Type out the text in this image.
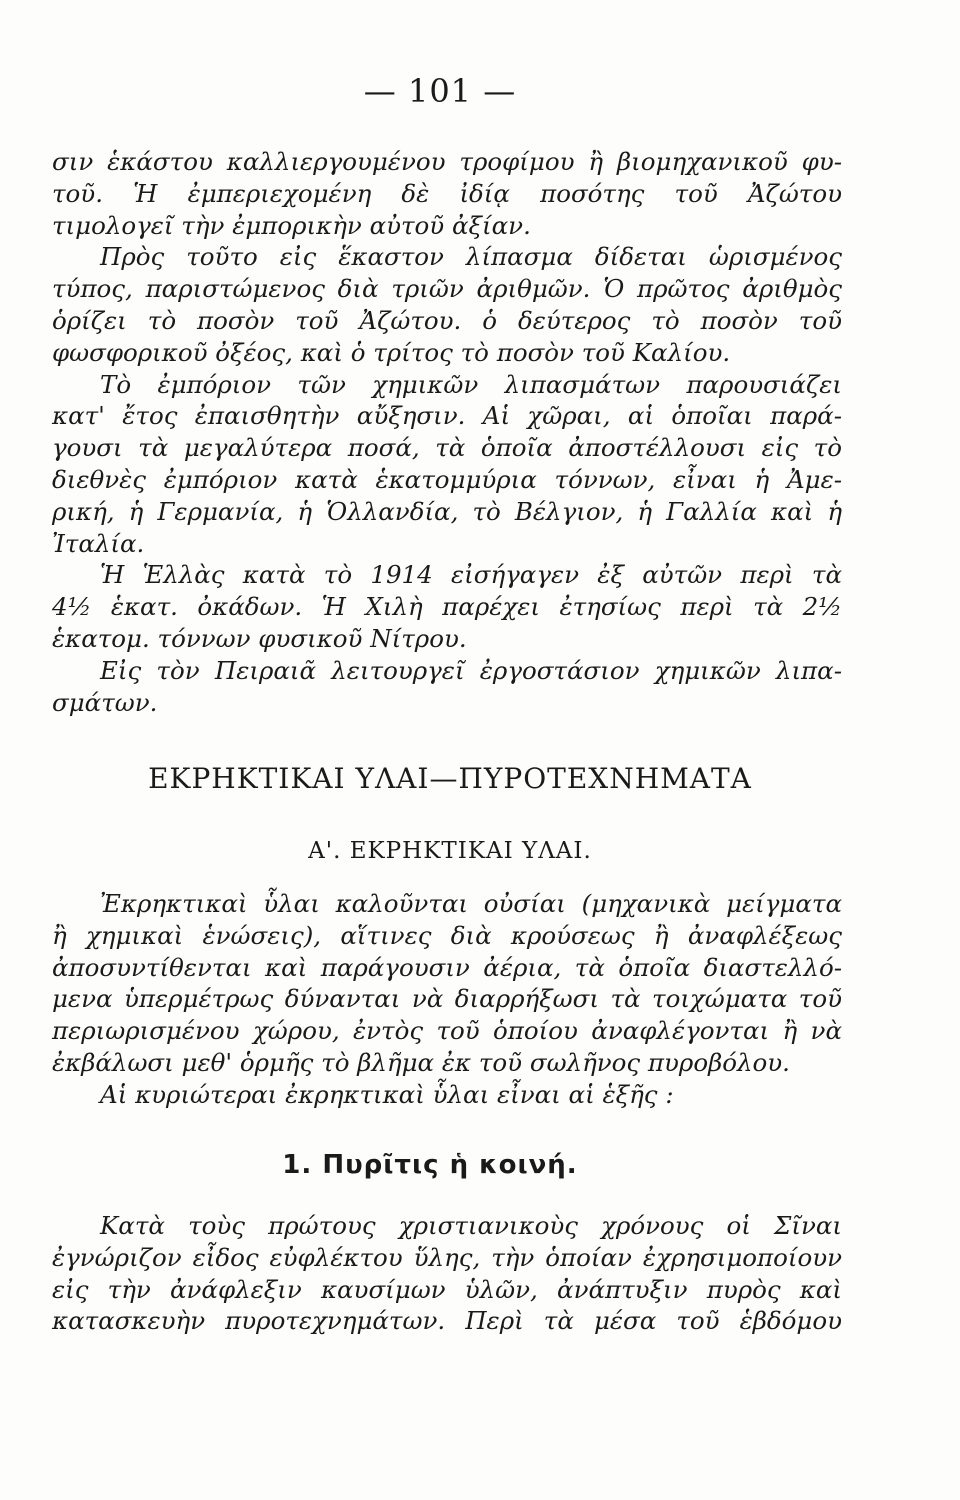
— 101 —
σιν ἑκάστου καλλιεργουμένου τροφίμου ἢ βιομηχανικοῦ φυ-
τοῦ. Ἡ ἐμπεριεχομένη δὲ ἰδίᾳ ποσότης τοῦ Ἀζώτου
τιμολογεῖ τὴν ἐμπορικὴν αὐτοῦ ἀξίαν.
Πρὸς τοῦτο εἰς ἕκαστον λίπασμα δίδεται ὡρισμένος
τύπος, παριστώμενος διὰ τριῶν ἀριθμῶν. Ὁ πρῶτος ἀριθμὸς
ὁρίζει τὸ ποσὸν τοῦ Ἀζώτου. ὁ δεύτερος τὸ ποσὸν τοῦ
φωσφορικοῦ ὀξέος, καὶ ὁ τρίτος τὸ ποσὸν τοῦ Καλίου.
Τὸ ἐμπόριον τῶν χημικῶν λιπασμάτων παρουσιάζει
κατ' ἔτος ἐπαισθητὴν αὔξησιν. Αἱ χῶραι, αἱ ὁποῖαι παρά-
γουσι τὰ μεγαλύτερα ποσά, τὰ ὁποῖα ἀποστέλλουσι εἰς τὸ
διεθνὲς ἐμπόριον κατὰ ἑκατομμύρια τόννων, εἶναι ἡ Ἀμε-
ρική, ἡ Γερμανία, ἡ Ὁλλανδία, τὸ Βέλγιον, ἡ Γαλλία καὶ ἡ
Ἰταλία.
Ἡ Ἑλλὰς κατὰ τὸ 1914 εἰσήγαγεν ἐξ αὐτῶν περὶ τὰ
4½ ἑκατ. ὀκάδων. Ἡ Χιλὴ παρέχει ἐτησίως περὶ τὰ 2½
ἑκατομ. τόννων φυσικοῦ Νίτρου.
Εἰς τὸν Πειραιᾶ λειτουργεῖ ἐργοστάσιον χημικῶν λιπα-
σμάτων.
ΕΚΡΗΚΤΙΚΑΙ ΥΛΑΙ—ΠΥΡΟΤΕΧΝΗΜΑΤΑ
Α'. ΕΚΡΗΚΤΙΚΑΙ ΥΛΑΙ.
Ἐκρηκτικαὶ ὗλαι καλοῦνται οὐσίαι (μηχανικὰ μείγματα
ἢ χημικαὶ ἑνώσεις), αἵτινες διὰ κρούσεως ἢ ἀναφλέξεως
ἀποσυντίθενται καὶ παράγουσιν ἀέρια, τὰ ὁποῖα διαστελλό-
μενα ὑπερμέτρως δύνανται νὰ διαρρήξωσι τὰ τοιχώματα τοῦ
περιωρισμένου χώρου, ἐντὸς τοῦ ὁποίου ἀναφλέγονται ἢ νὰ
ἐκβάλωσι μεθ' ὁρμῆς τὸ βλῆμα ἐκ τοῦ σωλῆνος πυροβόλου.
Αἱ κυριώτεραι ἐκρηκτικαὶ ὗλαι εἶναι αἱ ἑξῆς :
1. Πυρῖτις ἡ κοινή.
Κατὰ τοὺς πρώτους χριστιανικοὺς χρόνους οἱ Σῖναι
ἐγνώριζον εἶδος εὐφλέκτου ὕλης, τὴν ὁποίαν ἐχρησιμοποίουν
εἰς τὴν ἀνάφλεξιν καυσίμων ὑλῶν, ἀνάπτυξιν πυρὸς καὶ
κατασκευὴν πυροτεχνημάτων. Περὶ τὰ μέσα τοῦ ἑβδόμου
